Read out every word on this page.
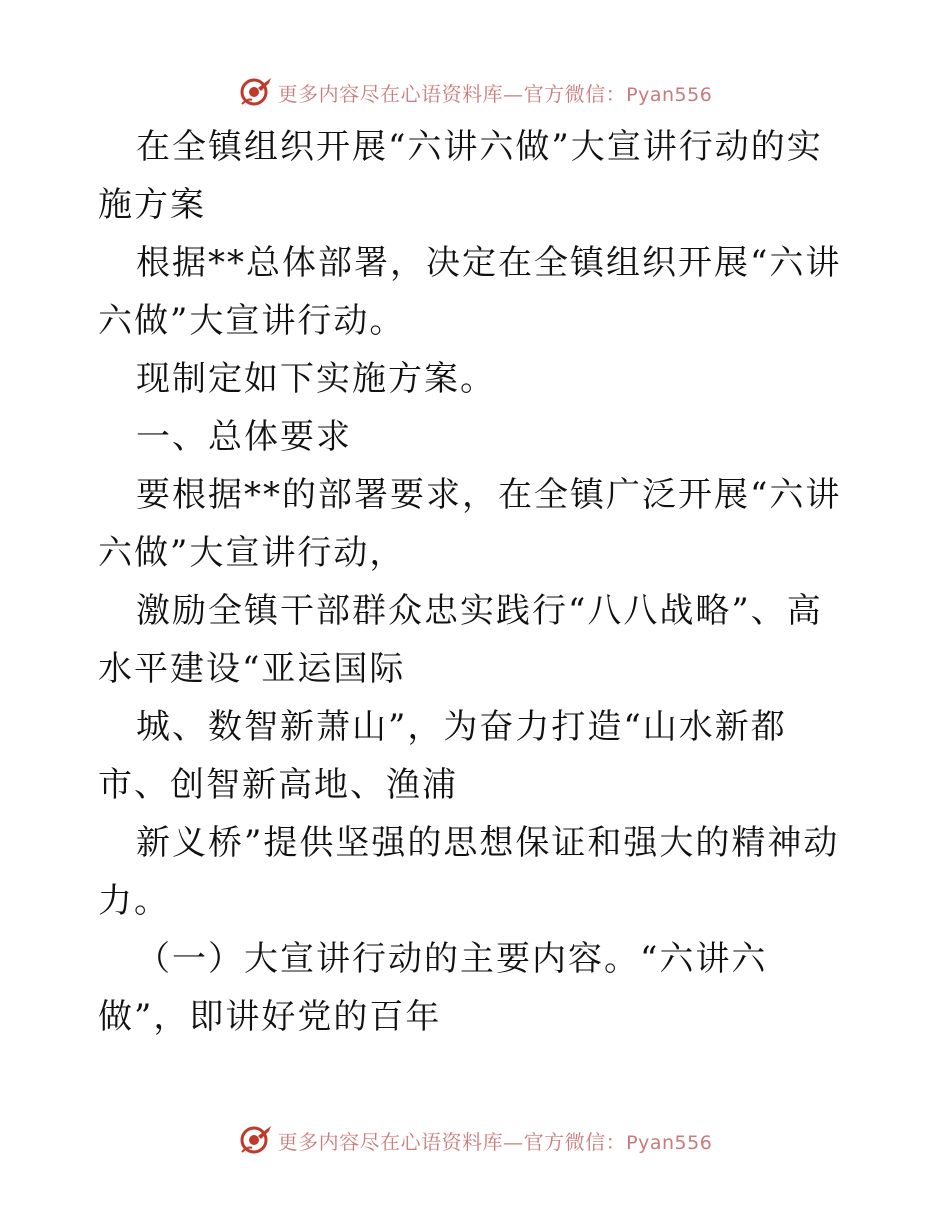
更多内容尽在心语资料库—官方微信：Pyan556

在全镇组织开展“六讲六做”大宣讲行动的实施方案

根据**总体部署，决定在全镇组织开展“六讲六做”大宣讲行动。

现制定如下实施方案。

一、总体要求

要根据**的部署要求，在全镇广泛开展“六讲六做”大宣讲行动，

激励全镇干部群众忠实践行“八八战略”、高水平建设“亚运国际

城、数智新萧山”，为奋力打造“山水新都市、创智新高地、渔浦

新义桥”提供坚强的思想保证和强大的精神动力。

（一）大宣讲行动的主要内容。“六讲六做”，即讲好党的百年

更多内容尽在心语资料库—官方微信：Pyan556
